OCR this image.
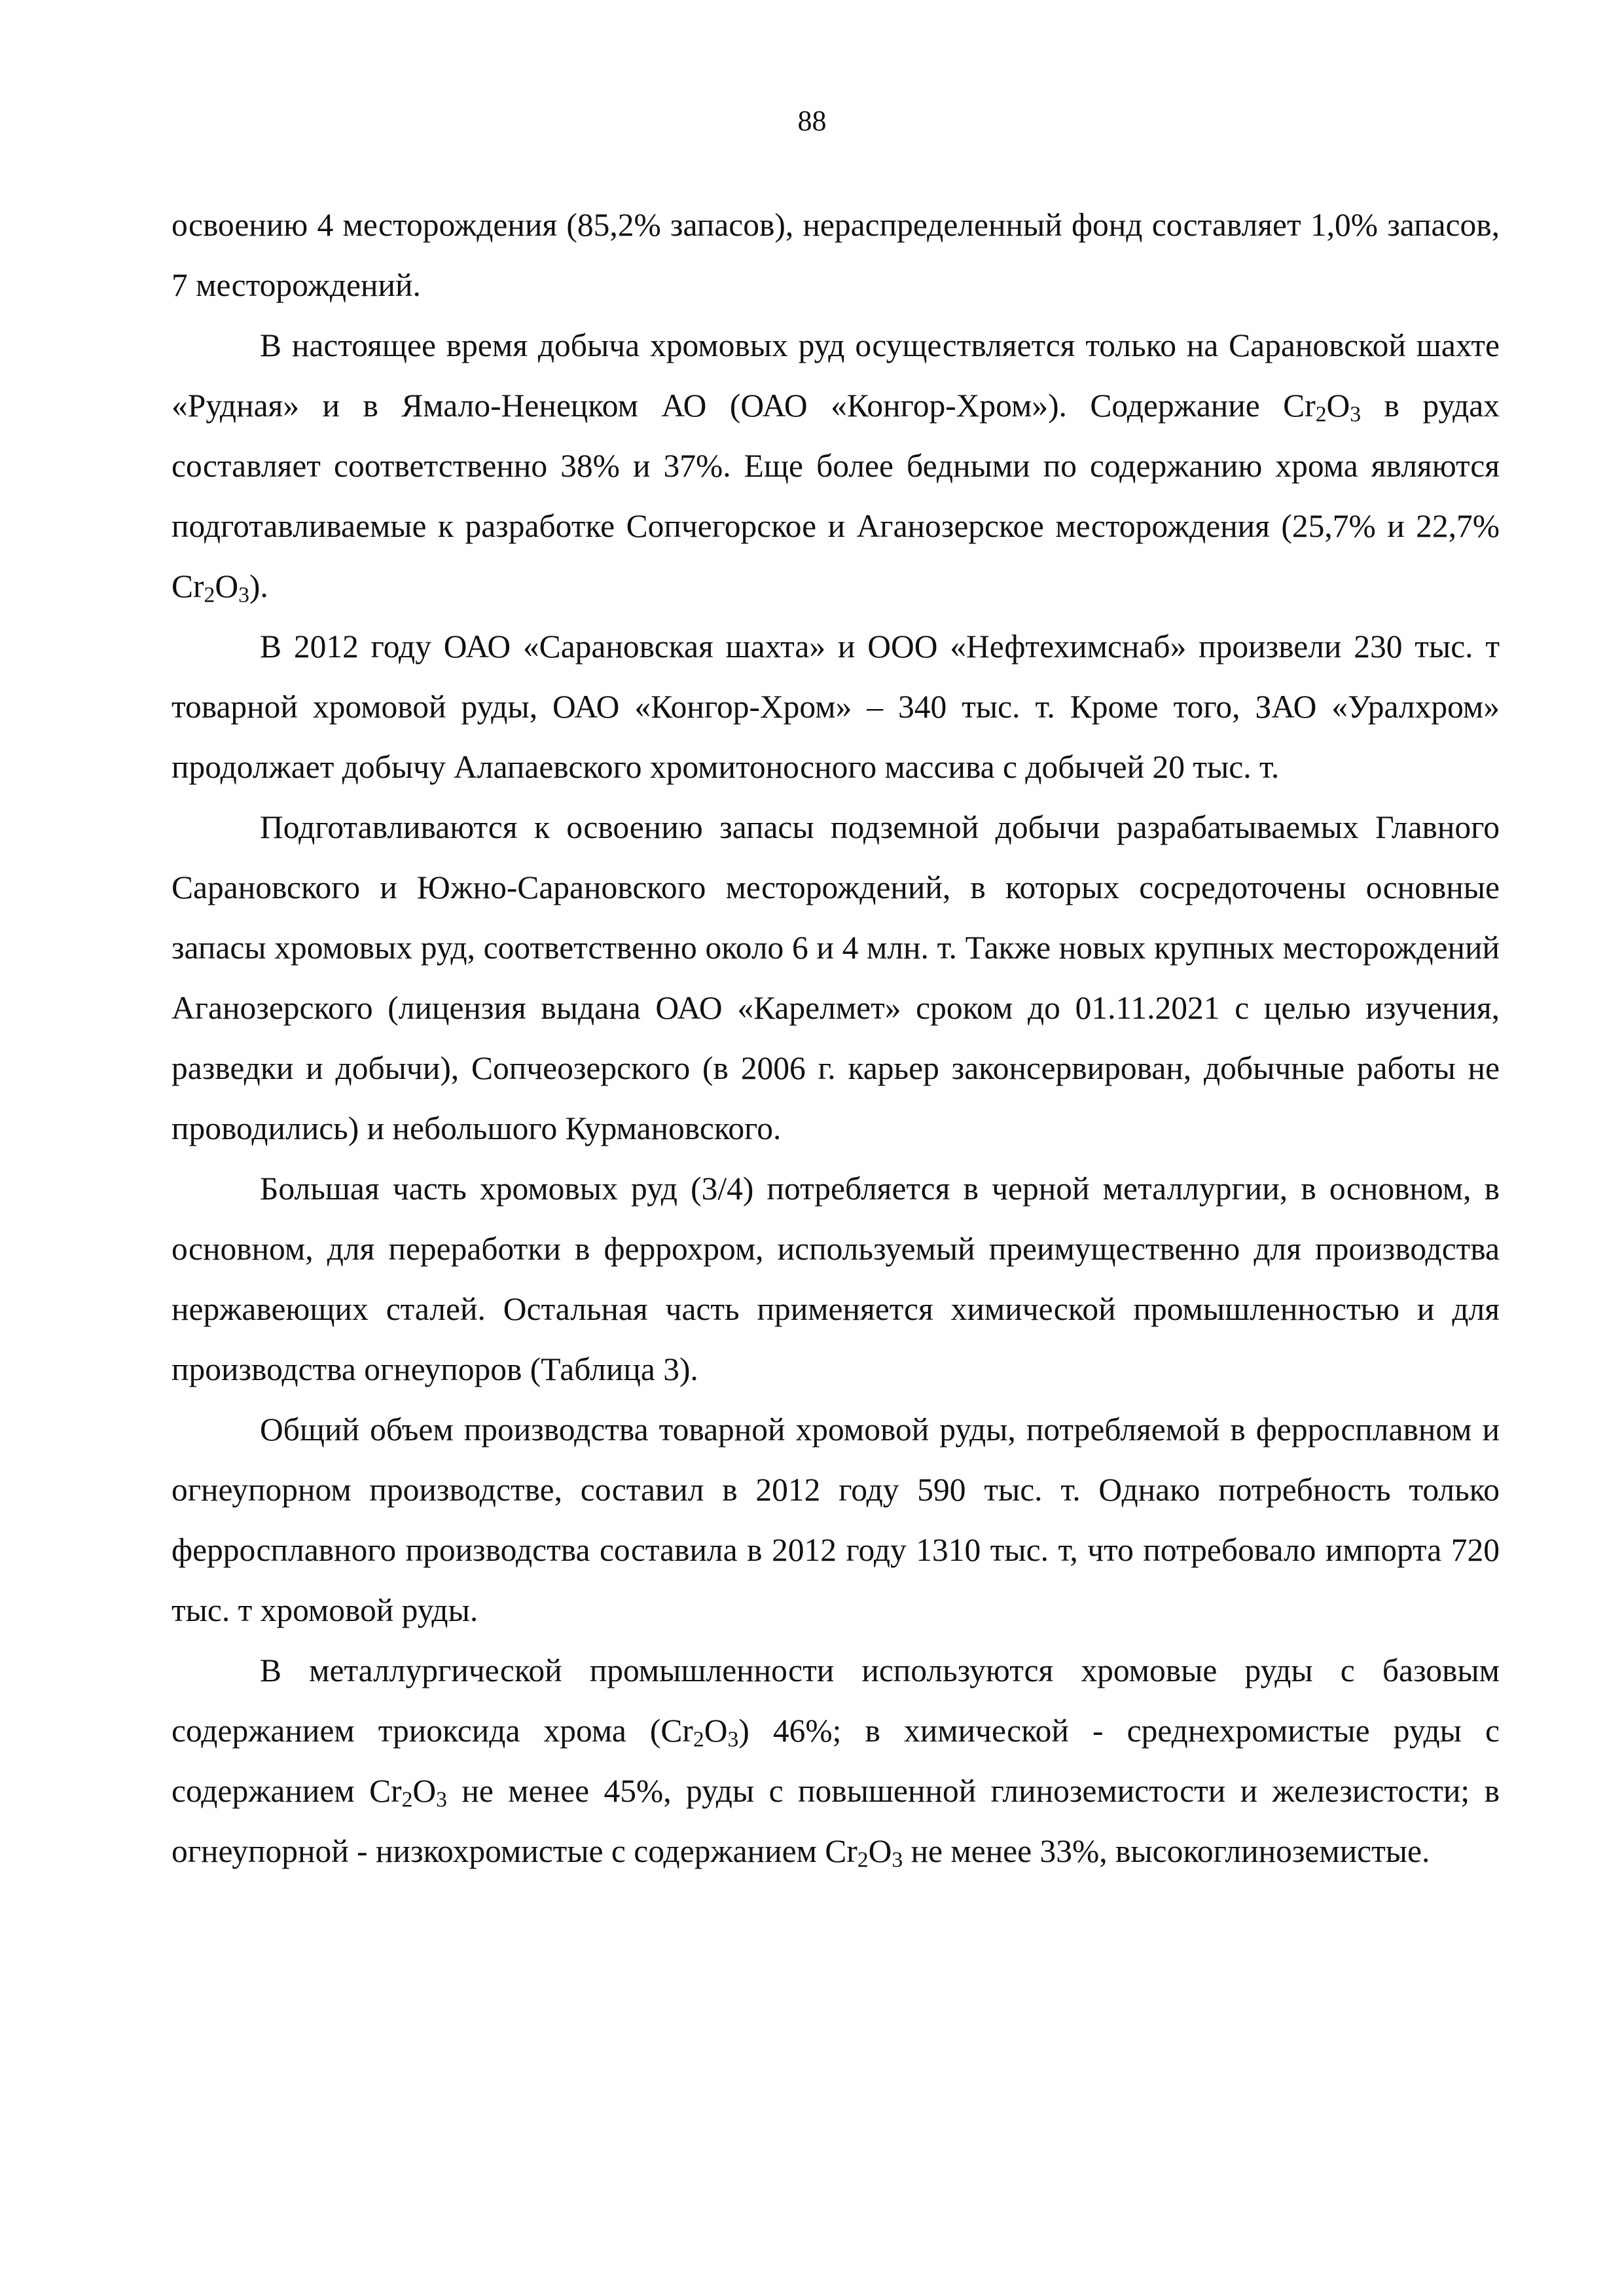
88

освоению 4 месторождения (85,2% запасов), нераспределенный фонд составляет 1,0% запасов, 7 месторождений.

В настоящее время добыча хромовых руд осуществляется только на Сарановской шахте «Рудная» и в Ямало-Ненецком АО (ОАО «Конгор-Хром»). Содержание $Cr_2O_3$ в рудах составляет соответственно 38% и 37%. Еще более бедными по содержанию хрома являются подготавливаемые к разработке Сопчегорское и Аганозерское месторождения (25,7% и 22,7% $Cr_2O_3$).

В 2012 году ОАО «Сарановская шахта» и ООО «Нефтехимснаб» произвели 230 тыс. т товарной хромовой руды, ОАО «Конгор-Хром» – 340 тыс. т. Кроме того, ЗАО «Уралхром» продолжает добычу Алапаевского хромитоносного массива с добычей 20 тыс. т.

Подготавливаются к освоению запасы подземной добычи разрабатываемых Главного Сарановского и Южно-Сарановского месторождений, в которых сосредоточены основные запасы хромовых руд, соответственно около 6 и 4 млн. т. Также новых крупных месторождений Аганозерского (лицензия выдана ОАО «Карелмет» сроком до 01.11.2021 с целью изучения, разведки и добычи), Сопчеозерского (в 2006 г. карьер законсервирован, добычные работы не проводились) и небольшого Курмановского.

Большая часть хромовых руд (3/4) потребляется в черной металлургии, в основном, в основном, для переработки в феррохром, используемый преимущественно для производства нержавеющих сталей. Остальная часть применяется химической промышленностью и для производства огнеупоров (Таблица 3).

Общий объем производства товарной хромовой руды, потребляемой в ферросплавном и огнеупорном производстве, составил в 2012 году 590 тыс. т. Однако потребность только ферросплавного производства составила в 2012 году 1310 тыс. т, что потребовало импорта 720 тыс. т хромовой руды.

В металлургической промышленности используются хромовые руды с базовым содержанием триоксида хрома $(Cr_2O_3)$ 46%; в химической - среднехромистые руды с содержанием $Cr_2O_3$ не менее 45%, руды с повышенной глиноземистости и железистости; в огнеупорной - низкохромистые с содержанием $Cr_2O_3$ не менее 33%, высокоглиноземистые.
